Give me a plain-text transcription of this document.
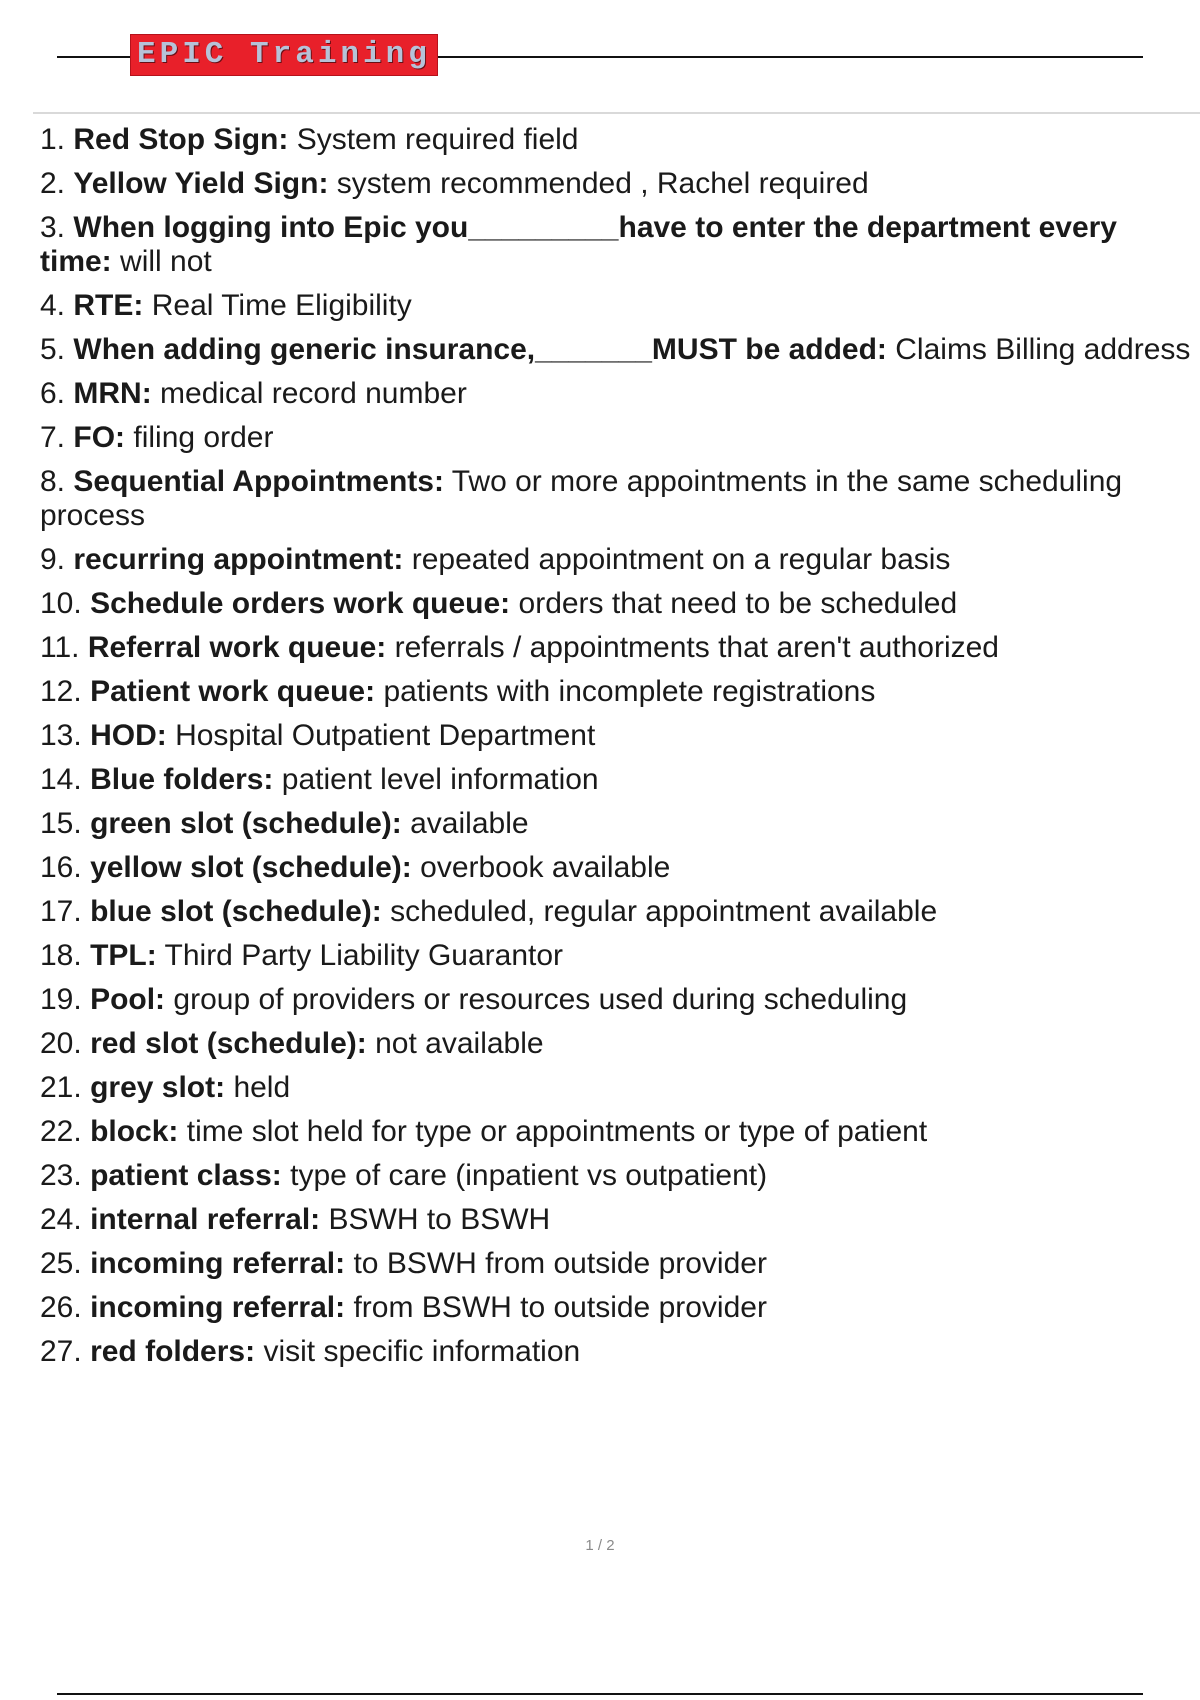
EPIC Training
1. Red Stop Sign: System required field
2. Yellow Yield Sign: system recommended , Rachel required
3. When logging into Epic you_________have to enter the department every time: will not
4. RTE: Real Time Eligibility
5. When adding generic insurance,_______MUST be added: Claims Billing address
6. MRN: medical record number
7. FO: filing order
8. Sequential Appointments: Two or more appointments in the same scheduling process
9. recurring appointment: repeated appointment on a regular basis
10. Schedule orders work queue: orders that need to be scheduled
11. Referral work queue: referrals / appointments that aren't authorized
12. Patient work queue: patients with incomplete registrations
13. HOD: Hospital Outpatient Department
14. Blue folders: patient level information
15. green slot (schedule): available
16. yellow slot (schedule): overbook available
17. blue slot (schedule): scheduled, regular appointment available
18. TPL: Third Party Liability Guarantor
19. Pool: group of providers or resources used during scheduling
20. red slot (schedule): not available
21. grey slot: held
22. block: time slot held for type or appointments or type of patient
23. patient class: type of care (inpatient vs outpatient)
24. internal referral: BSWH to BSWH
25. incoming referral: to BSWH from outside provider
26. incoming referral: from BSWH to outside provider
27. red folders: visit specific information
1 / 2
